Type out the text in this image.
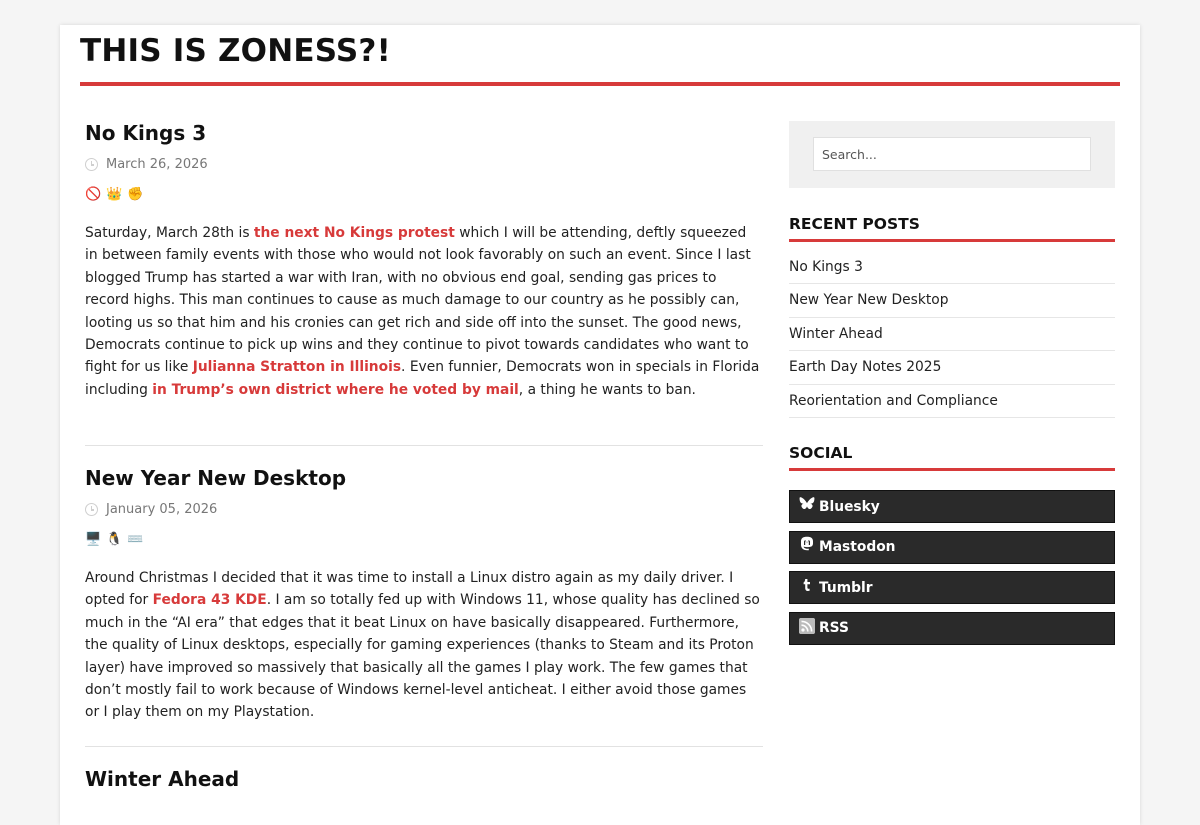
THIS IS ZONESS?!
No Kings 3
March 26, 2026
🚫 👑 ✊

Saturday, March 28th is the next No Kings protest which I will be attending, deftly squeezed in between family events with those who would not look favorably on such an event. Since I last blogged Trump has started a war with Iran, with no obvious end goal, sending gas prices to record highs. This man continues to cause as much damage to our country as he possibly can, looting us so that him and his cronies can get rich and side off into the sunset. The good news, Democrats continue to pick up wins and they continue to pivot towards candidates who want to fight for us like Julianna Stratton in Illinois. Even funnier, Democrats won in specials in Florida including in Trump’s own district where he voted by mail, a thing he wants to ban.

New Year New Desktop
January 05, 2026
🖥️ 🐧 ⌨️

Around Christmas I decided that it was time to install a Linux distro again as my daily driver. I opted for Fedora 43 KDE. I am so totally fed up with Windows 11, whose quality has declined so much in the “AI era” that edges that it beat Linux on have basically disappeared. Furthermore, the quality of Linux desktops, especially for gaming experiences (thanks to Steam and its Proton layer) have improved so massively that basically all the games I play work. The few games that don’t mostly fail to work because of Windows kernel-level anticheat. I either avoid those games or I play them on my Playstation.

Winter Ahead
Search...
RECENT POSTS
No Kings 3
New Year New Desktop
Winter Ahead
Earth Day Notes 2025
Reorientation and Compliance
SOCIAL
Bluesky
Mastodon
Tumblr
RSS
